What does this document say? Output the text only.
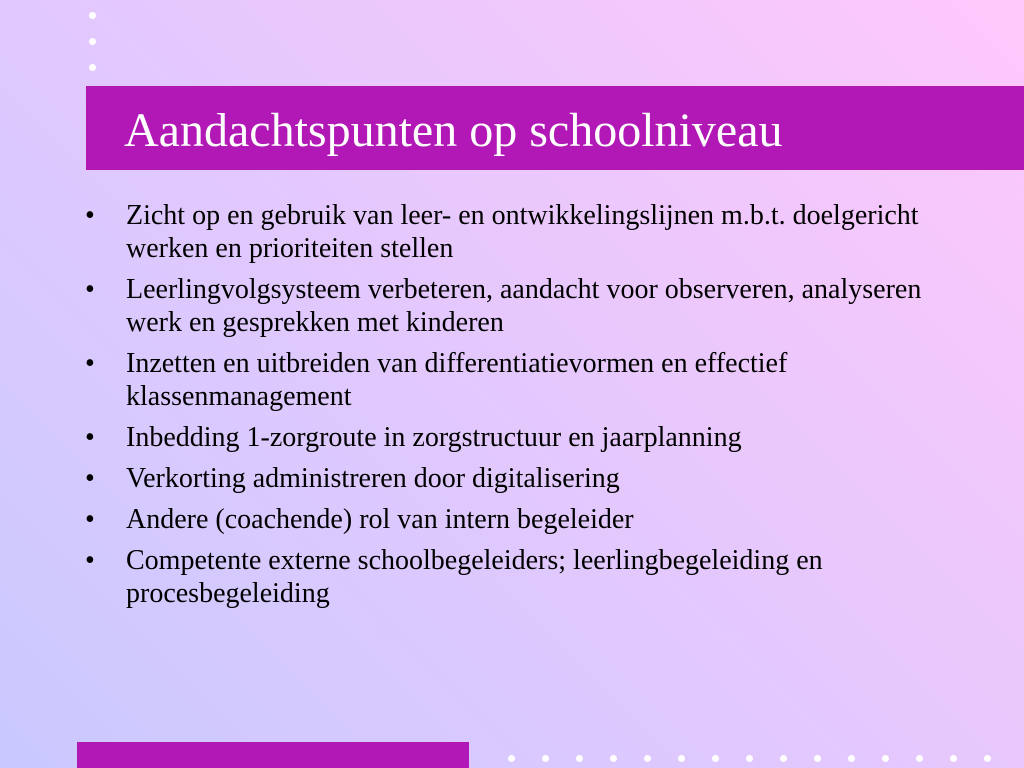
Aandachtspunten op schoolniveau
• Zicht op en gebruik van leer- en ontwikkelingslijnen m.b.t. doelgericht werken en prioriteiten stellen
• Leerlingvolgsysteem verbeteren, aandacht voor observeren, analyseren werk en gesprekken met kinderen
• Inzetten en uitbreiden van differentiatievormen en effectief klassenmanagement
• Inbedding 1-zorgroute in zorgstructuur en jaarplanning
• Verkorting administreren door digitalisering
• Andere (coachende) rol van intern begeleider
• Competente externe schoolbegeleiders; leerlingbegeleiding en procesbegeleiding
